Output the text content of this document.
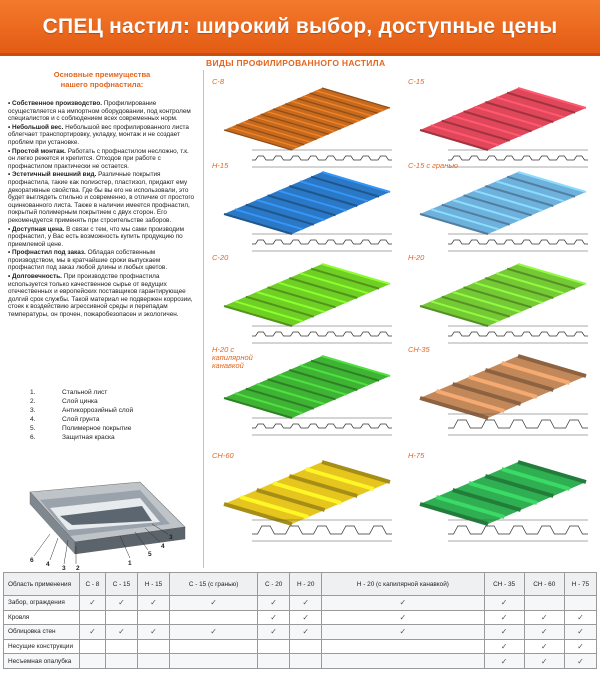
СПЕЦ настил: широкий выбор, доступные цены
Основные преимущества
нашего профнастила:

• Собственное производство. Профилирование осуществляется на импортном оборудовании, под контролем специалистов и с соблюдением всех современных норм.

• Небольшой вес. Небольшой вес профилированного листа облегчает транспортировку, укладку, монтаж и не создает проблем при установке.

• Простой монтаж. Работать с профнастилом несложно, т.к. он легко режется и крепится. Отходов при работе с профнастилом практически не остается.

• Эстетичный внешний вид. Различные покрытия профнастила, такие как полиэстер, пластизол, придают ему декоративные свойства. Где бы вы его не использовали, это будет выглядеть стильно и современно, в отличие от простого оцинкованного листа. Также в наличии имеется профнастил, покрытый полимерным покрытием с двух сторон. Его рекомендуется применять при строительстве заборов.

• Доступная цена. В связи с тем, что мы сами производим профнастил, у Вас есть возможность купить продукцию по приемлемой цене.

• Профнастил под заказ. Обладая собственным производством, мы в кратчайшие сроки выпускаем профнастил под заказ любой длины и любых цветов.

• Долговечность. При производстве профнастила используется только качественное сырье от ведущих отечественных и европейских поставщиков гарантирующее долгий срок службы. Такой материал не подвержен коррозии, стоек к воздействию агрессивной среды и перепадам температуры, он прочен, пожаробезопасен и экологичен.

1.	Стальной лист
2.	Слой цинка
3.	Антикоррозийный слой
4.	Слой грунта
5.	Полимерное покрытие
6.	Защитная краска
6
4
3 2
1
5
4
3
ВИДЫ ПРОФИЛИРОВАННОГО НАСТИЛА
С-8	С-15
Н-15	С-15 с гранью
С-20	Н-20
Н-20 с капилярной канавкой
СН-35
СН-60	Н-75
Область применения	С - 8	С - 15	Н - 15	С - 15 (с гранью)	С - 20	Н - 20	Н - 20 (с капилярной канавкой)	СН - 35	СН - 60	Н - 75
Забор, ограждения	✓	✓	✓	✓	✓	✓	✓	✓		
Кровля					✓	✓	✓	✓	✓	✓
Облицовка стен	✓	✓	✓	✓	✓	✓	✓	✓	✓	✓
Несущие конструкции								✓	✓	✓
Несъемная опалубка								✓	✓	✓
